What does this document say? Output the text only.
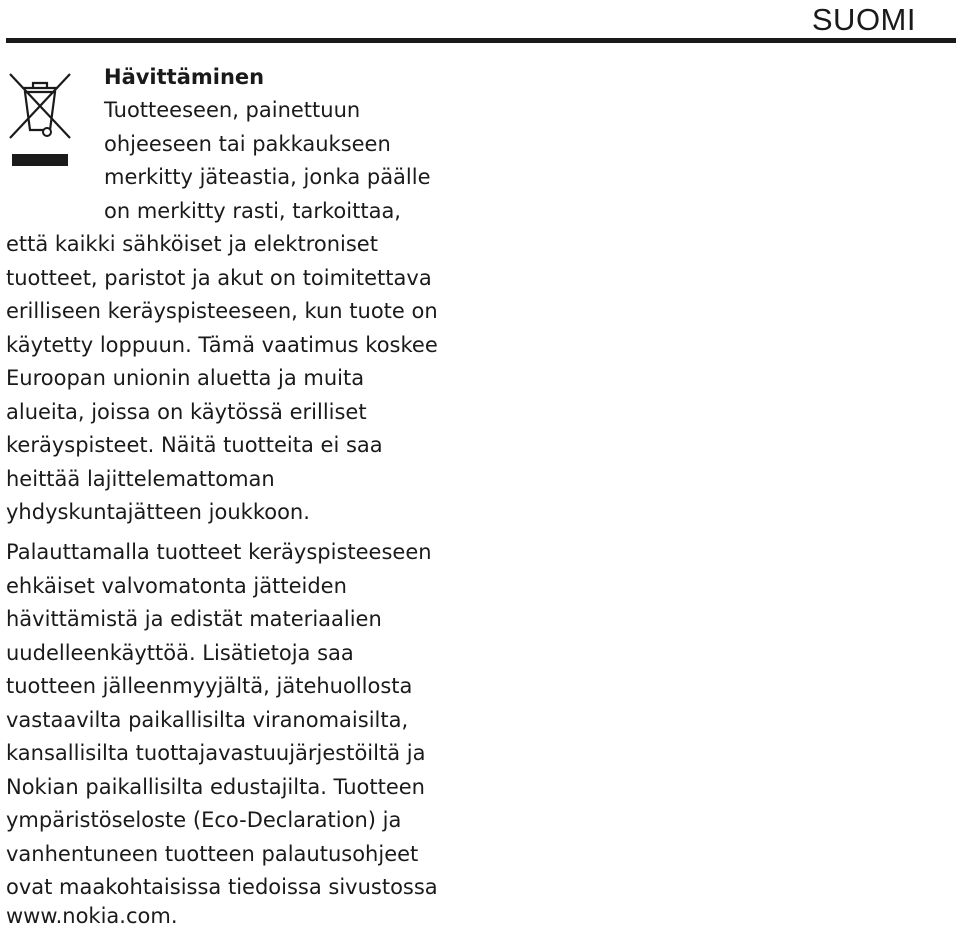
SUOMI
Hävittäminen

Tuotteeseen, painettuun

ohjeeseen tai pakkaukseen

merkitty jäteastia, jonka päälle

on merkitty rasti, tarkoittaa,

että kaikki sähköiset ja elektroniset

tuotteet, paristot ja akut on toimitettava

erilliseen keräyspisteeseen, kun tuote on

käytetty loppuun. Tämä vaatimus koskee

Euroopan unionin aluetta ja muita

alueita, joissa on käytössä erilliset

keräyspisteet. Näitä tuotteita ei saa

heittää lajittelemattoman

yhdyskuntajätteen joukkoon.

Palauttamalla tuotteet keräyspisteeseen

ehkäiset valvomatonta jätteiden

hävittämistä ja edistät materiaalien

uudelleenkäyttöä. Lisätietoja saa

tuotteen jälleenmyyjältä, jätehuollosta

vastaavilta paikallisilta viranomaisilta,

kansallisilta tuottajavastuujärjestöiltä ja

Nokian paikallisilta edustajilta. Tuotteen

ympäristöseloste (Eco-Declaration) ja

vanhentuneen tuotteen palautusohjeet

ovat maakohtaisissa tiedoissa sivustossa

www.nokia.com.
